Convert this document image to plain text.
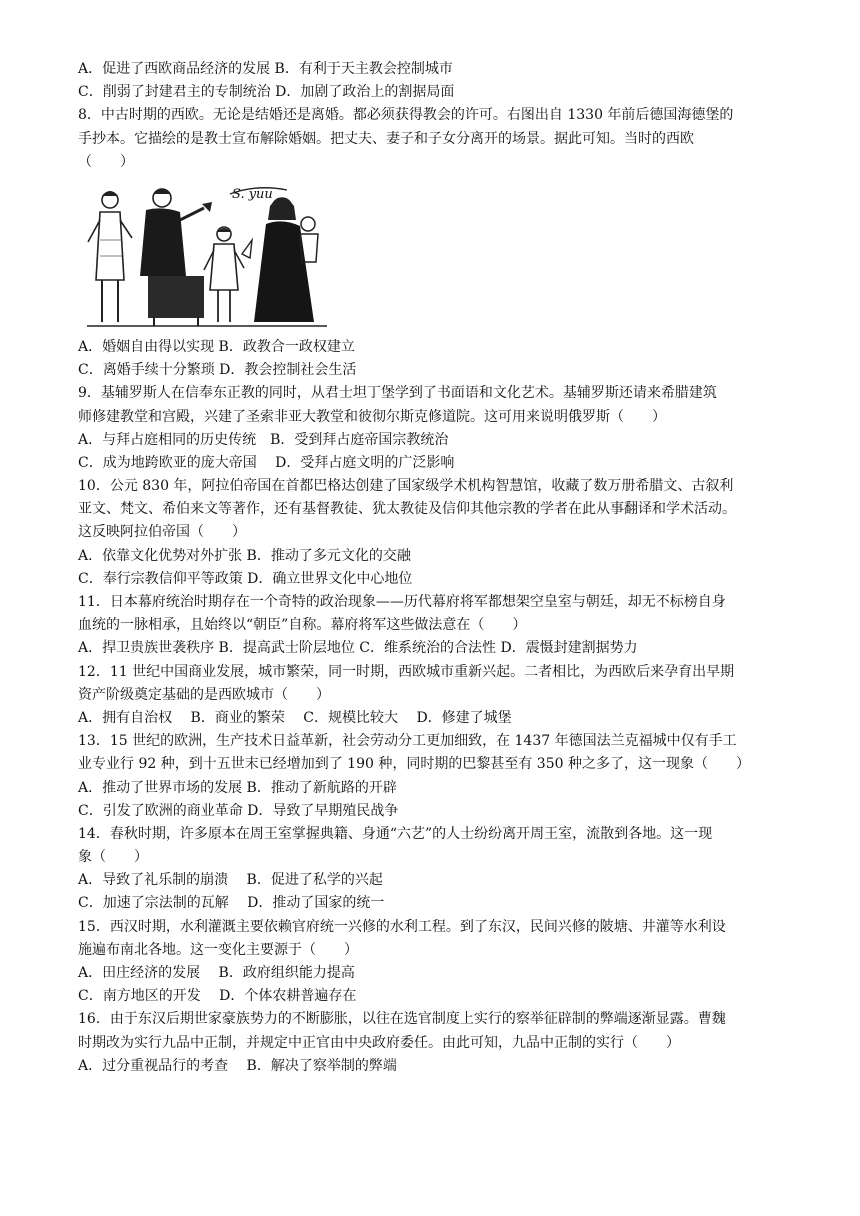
A．促进了西欧商品经济的发展 B．有利于天主教会控制城市
C．削弱了封建君主的专制统治 D．加剧了政治上的割据局面
8．中古时期的西欧。无论是结婚还是离婚。都必须获得教会的许可。右图出自 1330 年前后德国海德堡的
手抄本。它描绘的是教士宣布解除婚姻。把丈夫、妻子和子女分离开的场景。据此可知。当时的西欧
（　　）
S. yuu
A．婚姻自由得以实现 B．政教合一政权建立
C．离婚手续十分繁琐 D．教会控制社会生活
9．基辅罗斯人在信奉东正教的同时，从君士坦丁堡学到了书面语和文化艺术。基辅罗斯还请来希腊建筑
师修建教堂和宫殿，兴建了圣索非亚大教堂和彼彻尔斯克修道院。这可用来说明俄罗斯（　　）
A．与拜占庭相同的历史传统　B．受到拜占庭帝国宗教统治
C．成为地跨欧亚的庞大帝国　 D．受拜占庭文明的广泛影响
10．公元 830 年，阿拉伯帝国在首都巴格达创建了国家级学术机构智慧馆，收藏了数万册希腊文、古叙利
亚文、梵文、希伯来文等著作，还有基督教徒、犹太教徒及信仰其他宗教的学者在此从事翻译和学术活动。
这反映阿拉伯帝国（　　）
A．依靠文化优势对外扩张 B．推动了多元文化的交融
C．奉行宗教信仰平等政策 D．确立世界文化中心地位
11．日本幕府统治时期存在一个奇特的政治现象——历代幕府将军都想架空皇室与朝廷，却无不标榜自身
血统的一脉相承，且始终以“朝臣”自称。幕府将军这些做法意在（　　）
A．捍卫贵族世袭秩序 B．提高武士阶层地位 C．维系统治的合法性 D．震慑封建割据势力
12．11 世纪中国商业发展，城市繁荣，同一时期，西欧城市重新兴起。二者相比，为西欧后来孕育出早期
资产阶级奠定基础的是西欧城市（　　）
A．拥有自治权　 B．商业的繁荣　 C．规模比较大　 D．修建了城堡
13．15 世纪的欧洲，生产技术日益革新，社会劳动分工更加细致，在 1437 年德国法兰克福城中仅有手工
业专业行 92 种，到十五世末已经增加到了 190 种，同时期的巴黎甚至有 350 种之多了，这一现象（　　）
A．推动了世界市场的发展 B．推动了新航路的开辟
C．引发了欧洲的商业革命 D．导致了早期殖民战争
14．春秋时期，许多原本在周王室掌握典籍、身通“六艺”的人士纷纷离开周王室，流散到各地。这一现
象（　　）
A．导致了礼乐制的崩溃　 B．促进了私学的兴起
C．加速了宗法制的瓦解　 D．推动了国家的统一
15．西汉时期，水利灌溉主要依赖官府统一兴修的水利工程。到了东汉，民间兴修的陂塘、井灌等水利设
施遍布南北各地。这一变化主要源于（　　）
A．田庄经济的发展　 B．政府组织能力提高
C．南方地区的开发　 D．个体农耕普遍存在
16．由于东汉后期世家豪族势力的不断膨胀，以往在选官制度上实行的察举征辟制的弊端逐渐显露。曹魏
时期改为实行九品中正制，并规定中正官由中央政府委任。由此可知，九品中正制的实行（　　）
A．过分重视品行的考查　 B．解决了察举制的弊端
